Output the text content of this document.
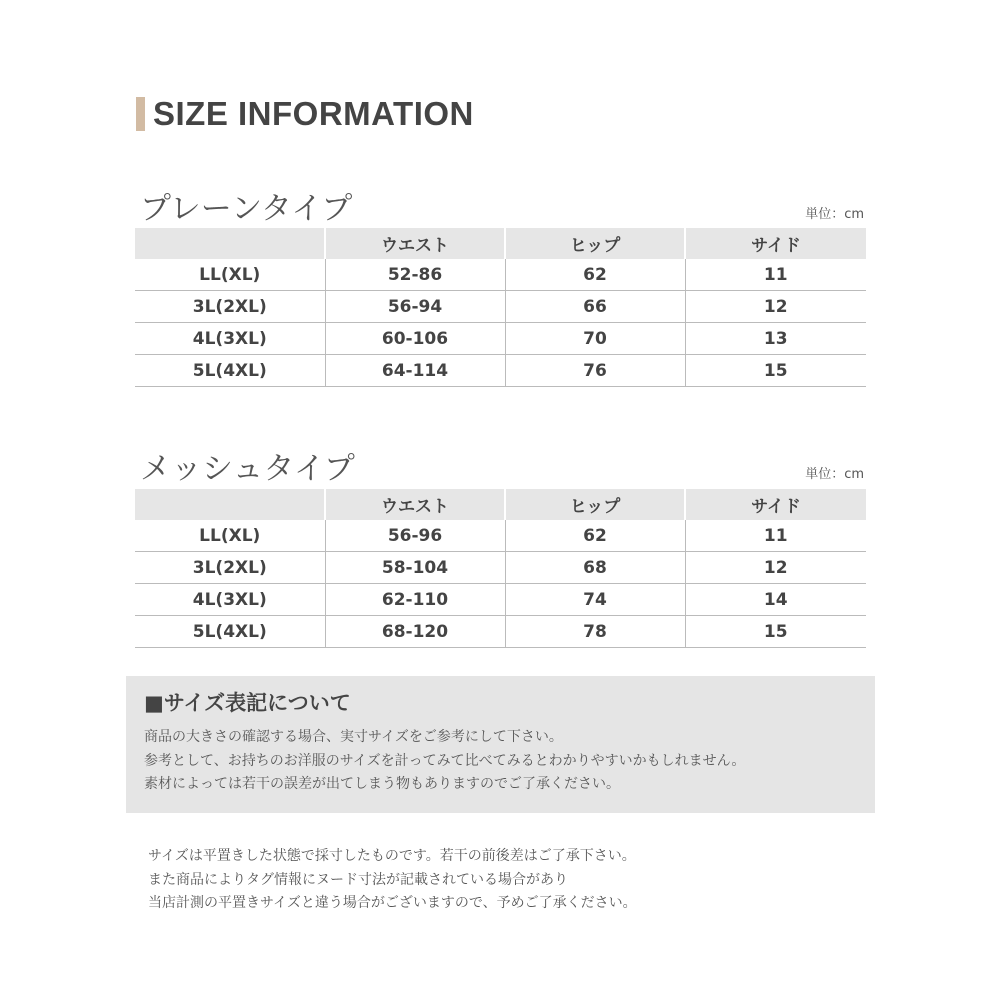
SIZE INFORMATION
プレーンタイプ	単位：cm
	ウエスト	ヒップ	サイド
LL(XL)	52-86	62	11
3L(2XL)	56-94	66	12
4L(3XL)	60-106	70	13
5L(4XL)	64-114	76	15
メッシュタイプ	単位：cm
	ウエスト	ヒップ	サイド
LL(XL)	56-96	62	11
3L(2XL)	58-104	68	12
4L(3XL)	62-110	74	14
5L(4XL)	68-120	78	15
■サイズ表記について
商品の大きさの確認する場合、実寸サイズをご参考にして下さい。
参考として、お持ちのお洋服のサイズを計ってみて比べてみるとわかりやすいかもしれません。
素材によっては若干の誤差が出てしまう物もありますのでご了承ください。
サイズは平置きした状態で採寸したものです。若干の前後差はご了承下さい。
また商品によりタグ情報にヌード寸法が記載されている場合があり
当店計測の平置きサイズと違う場合がございますので、予めご了承ください。
